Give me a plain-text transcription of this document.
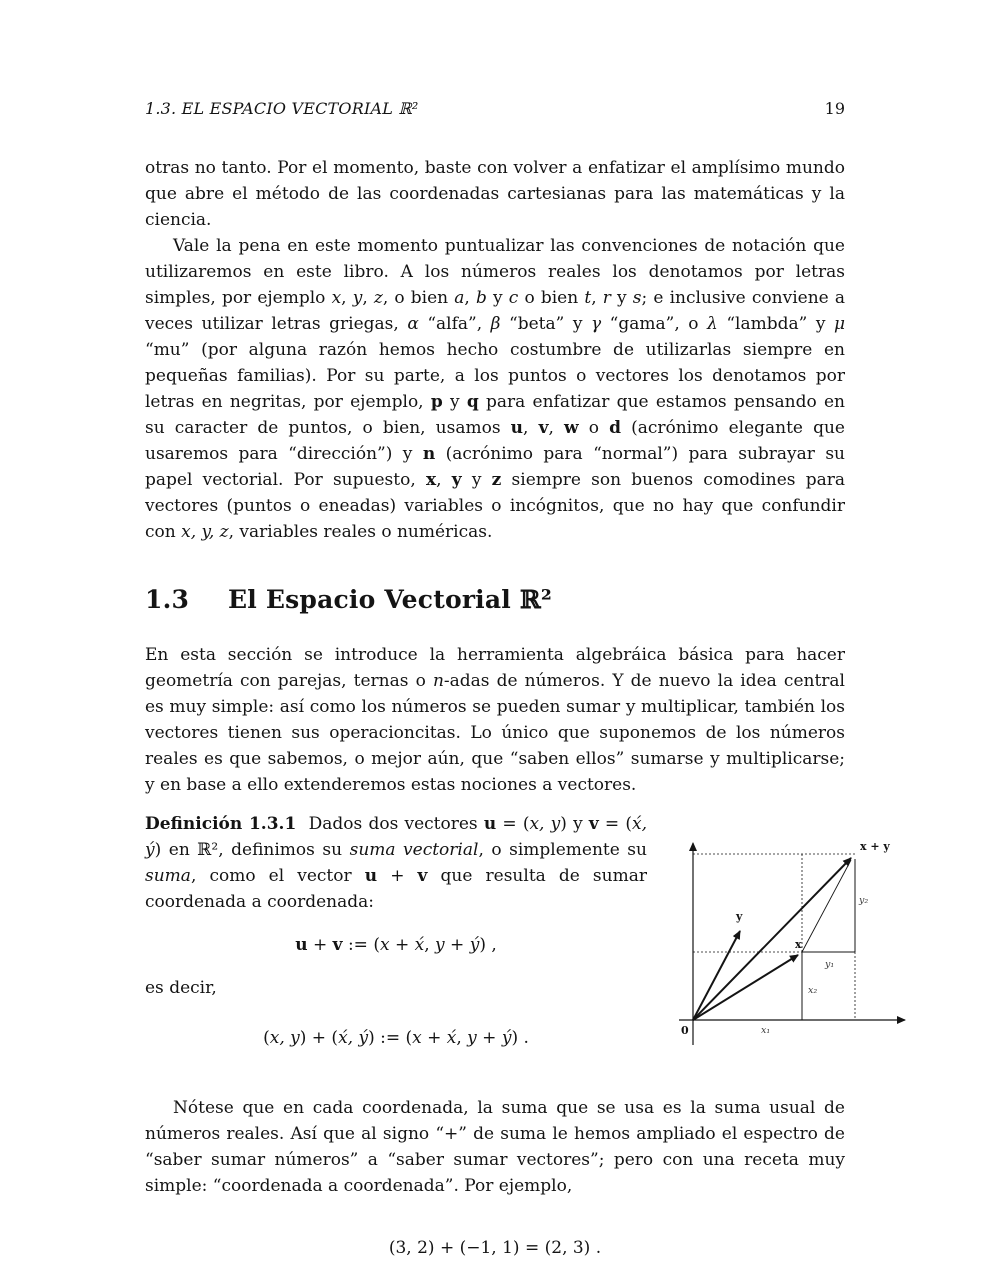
1.3. EL ESPACIO VECTORIAL ℝ²	19

otras no tanto. Por el momento, baste con volver a enfatizar el amplísimo mundo que abre el método de las coordenadas cartesianas para las matemáticas y la ciencia.

Vale la pena en este momento puntualizar las convenciones de notación que utilizaremos en este libro. A los números reales los denotamos por letras simples, por ejemplo x, y, z, o bien a, b y c o bien t, r y s; e inclusive conviene a veces utilizar letras griegas, α “alfa”, β “beta” y γ “gama”, o λ “lambda” y μ “mu” (por alguna razón hemos hecho costumbre de utilizarlas siempre en pequeñas familias). Por su parte, a los puntos o vectores los denotamos por letras en negritas, por ejemplo, p y q para enfatizar que estamos pensando en su caracter de puntos, o bien, usamos u, v, w o d (acrónimo elegante que usaremos para “dirección”) y n (acrónimo para “normal”) para subrayar su papel vectorial. Por supuesto, x, y y z siempre son buenos comodines para vectores (puntos o eneadas) variables o incógnitos, que no hay que confundir con x, y, z, variables reales o numéricas.

1.3 El Espacio Vectorial ℝ²

En esta sección se introduce la herramienta algebráica básica para hacer geometría con parejas, ternas o n-adas de números. Y de nuevo la idea central es muy simple: así como los números se pueden sumar y multiplicar, también los vectores tienen sus operacioncitas. Lo único que suponemos de los números reales es que sabemos, o mejor aún, que “saben ellos” sumarse y multiplicarse; y en base a ello extenderemos estas nociones a vectores.

Definición 1.3.1  Dados dos vectores u = (x, y) y v = (x́, ý) en ℝ², definimos su suma vectorial, o simplemente su suma, como el vector u + v que resulta de sumar coordenada a coordenada:

u + v := (x + x́, y + ý) ,

es decir,

(x, y) + (x́, ý) := (x + x́, y + ý) .	0
y
x
x + y
y₂
y₁
x₂
x₁

Nótese que en cada coordenada, la suma que se usa es la suma usual de números reales. Así que al signo “+” de suma le hemos ampliado el espectro de “saber sumar números” a “saber sumar vectores”; pero con una receta muy simple: “coordenada a coordenada”. Por ejemplo,

(3, 2) + (−1, 1) = (2, 3) .
